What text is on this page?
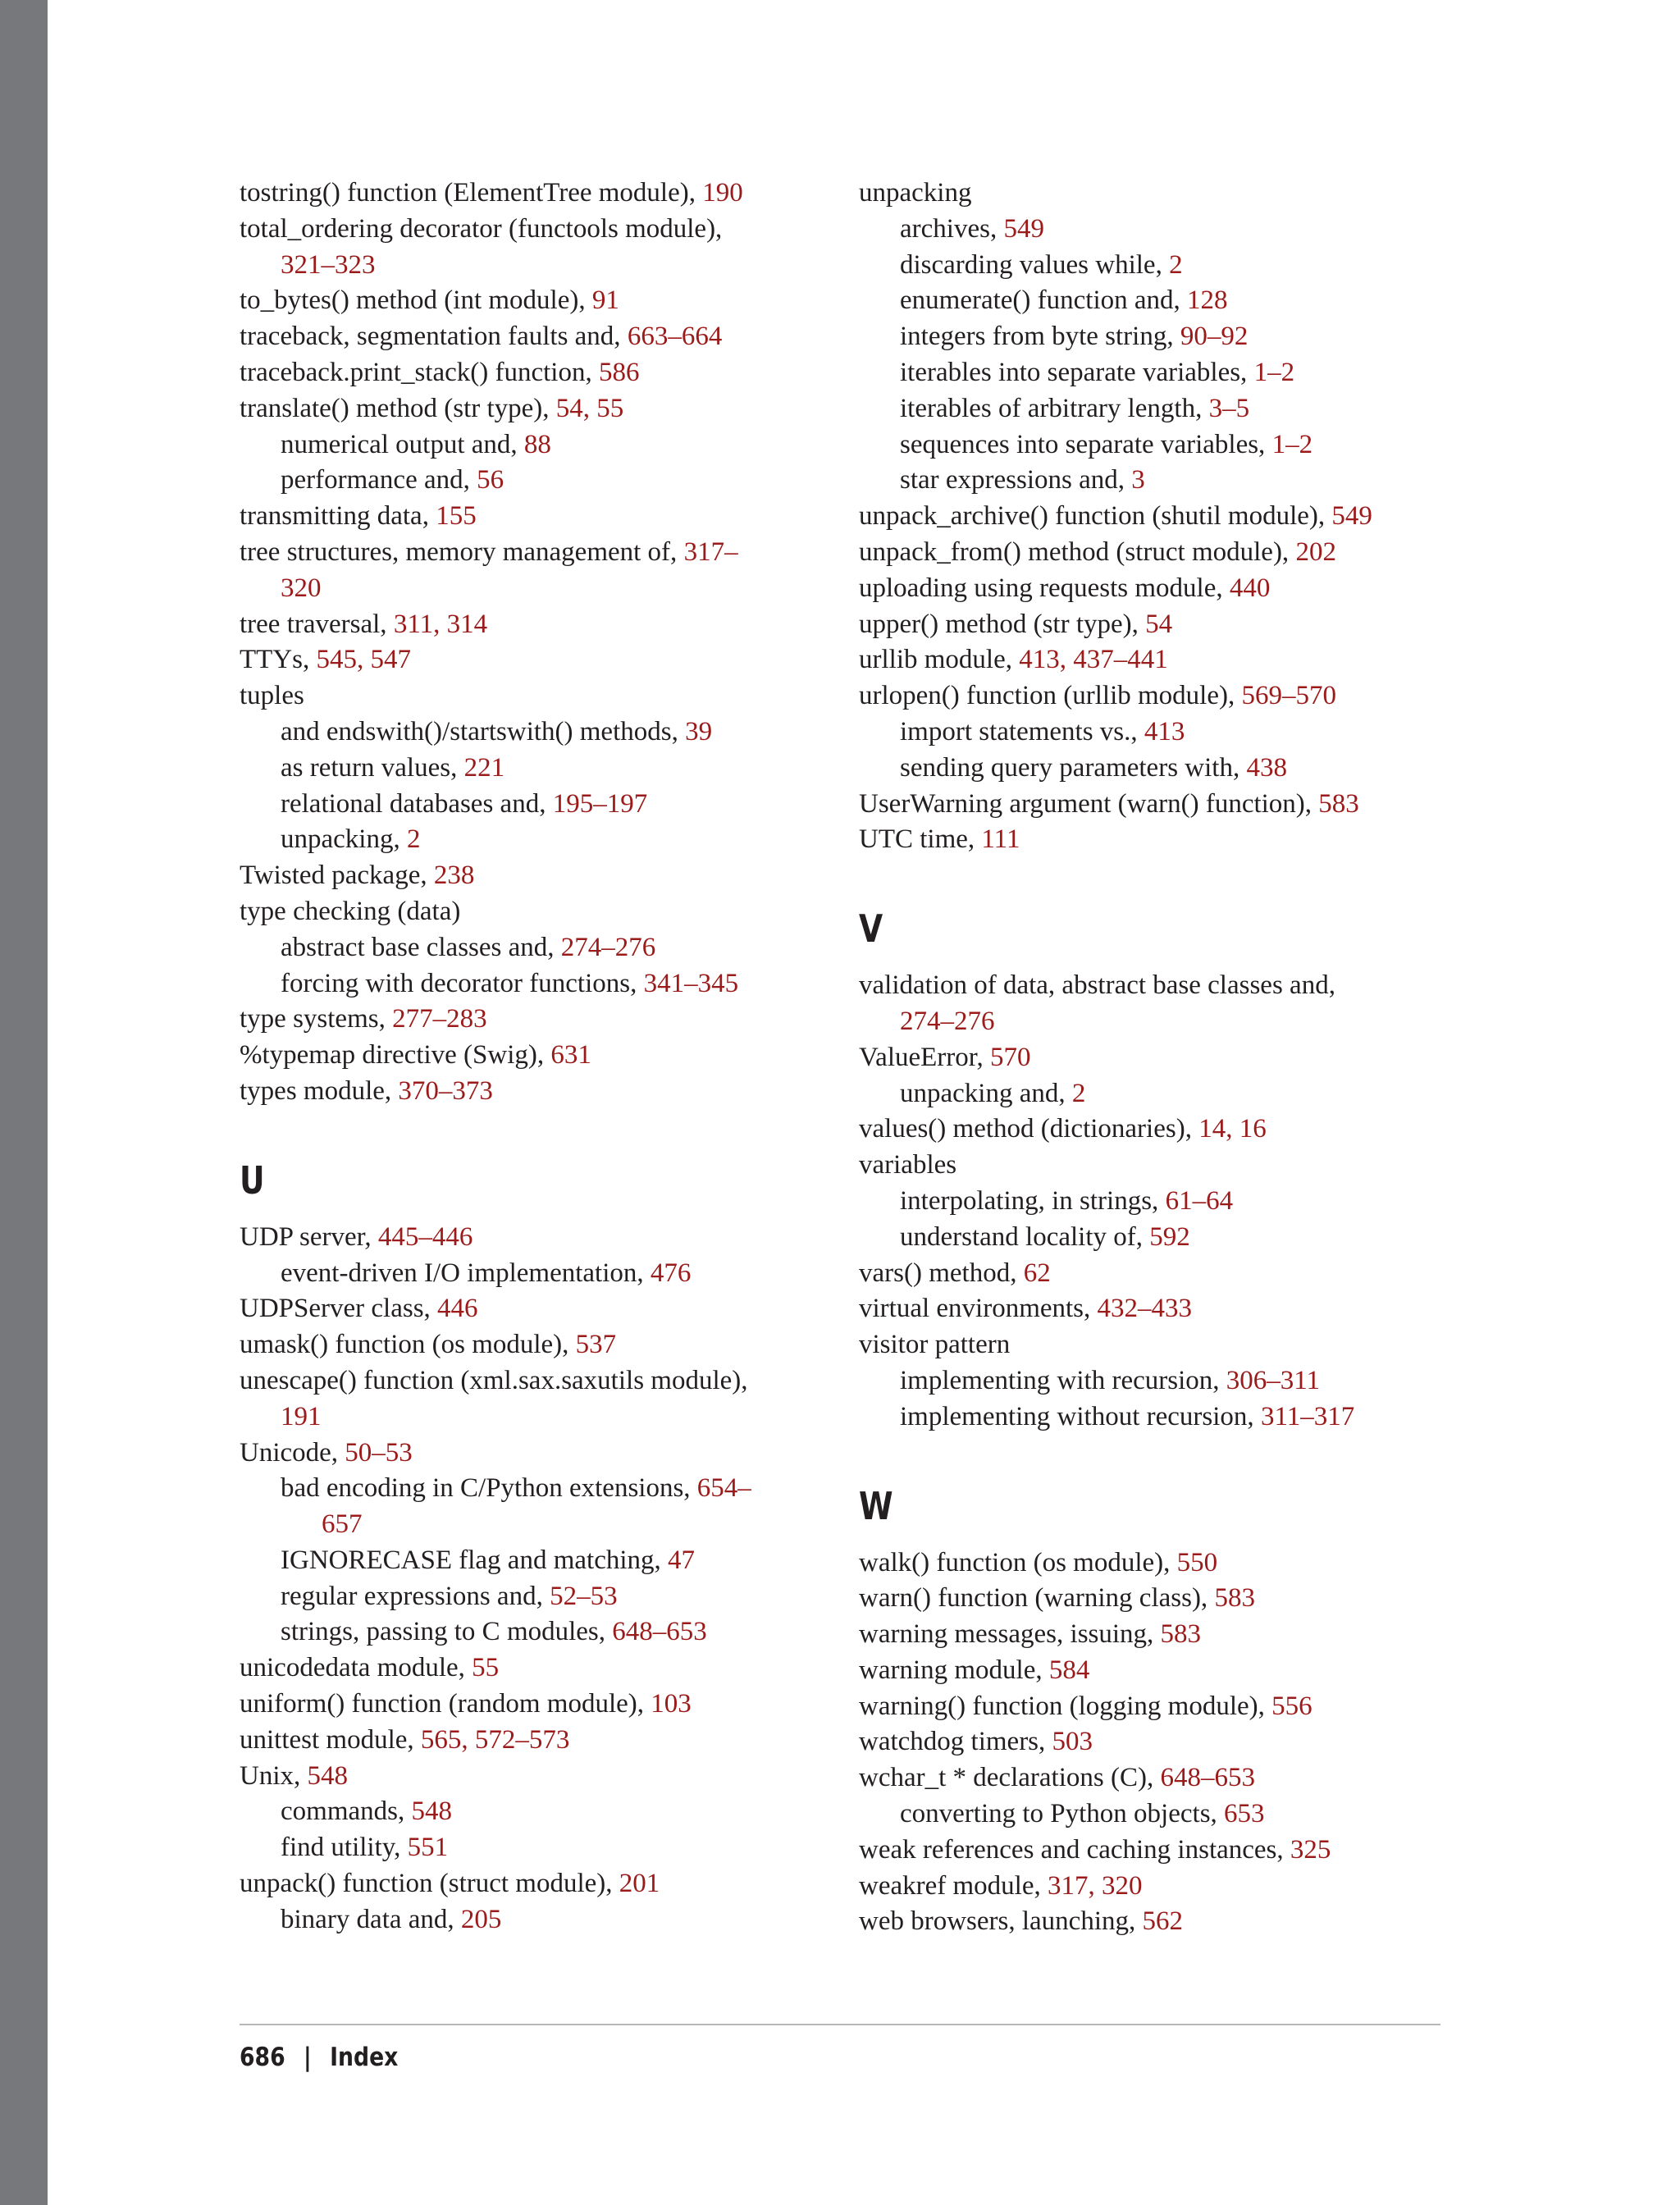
tostring() function (ElementTree module), 190
total_ordering decorator (functools module),
321–323
to_bytes() method (int module), 91
traceback, segmentation faults and, 663–664
traceback.print_stack() function, 586
translate() method (str type), 54, 55
numerical output and, 88
performance and, 56
transmitting data, 155
tree structures, memory management of, 317–
320
tree traversal, 311, 314
TTYs, 545, 547
tuples
and endswith()/startswith() methods, 39
as return values, 221
relational databases and, 195–197
unpacking, 2
Twisted package, 238
type checking (data)
abstract base classes and, 274–276
forcing with decorator functions, 341–345
type systems, 277–283
%typemap directive (Swig), 631
types module, 370–373
U
UDP server, 445–446
event-driven I/O implementation, 476
UDPServer class, 446
umask() function (os module), 537
unescape() function (xml.sax.saxutils module),
191
Unicode, 50–53
bad encoding in C/Python extensions, 654–
657
IGNORECASE flag and matching, 47
regular expressions and, 52–53
strings, passing to C modules, 648–653
unicodedata module, 55
uniform() function (random module), 103
unittest module, 565, 572–573
Unix, 548
commands, 548
find utility, 551
unpack() function (struct module), 201
binary data and, 205
unpacking
archives, 549
discarding values while, 2
enumerate() function and, 128
integers from byte string, 90–92
iterables into separate variables, 1–2
iterables of arbitrary length, 3–5
sequences into separate variables, 1–2
star expressions and, 3
unpack_archive() function (shutil module), 549
unpack_from() method (struct module), 202
uploading using requests module, 440
upper() method (str type), 54
urllib module, 413, 437–441
urlopen() function (urllib module), 569–570
import statements vs., 413
sending query parameters with, 438
UserWarning argument (warn() function), 583
UTC time, 111
V
validation of data, abstract base classes and,
274–276
ValueError, 570
unpacking and, 2
values() method (dictionaries), 14, 16
variables
interpolating, in strings, 61–64
understand locality of, 592
vars() method, 62
virtual environments, 432–433
visitor pattern
implementing with recursion, 306–311
implementing without recursion, 311–317
W
walk() function (os module), 550
warn() function (warning class), 583
warning messages, issuing, 583
warning module, 584
warning() function (logging module), 556
watchdog timers, 503
wchar_t * declarations (C), 648–653
converting to Python objects, 653
weak references and caching instances, 325
weakref module, 317, 320
web browsers, launching, 562
686 | Index
